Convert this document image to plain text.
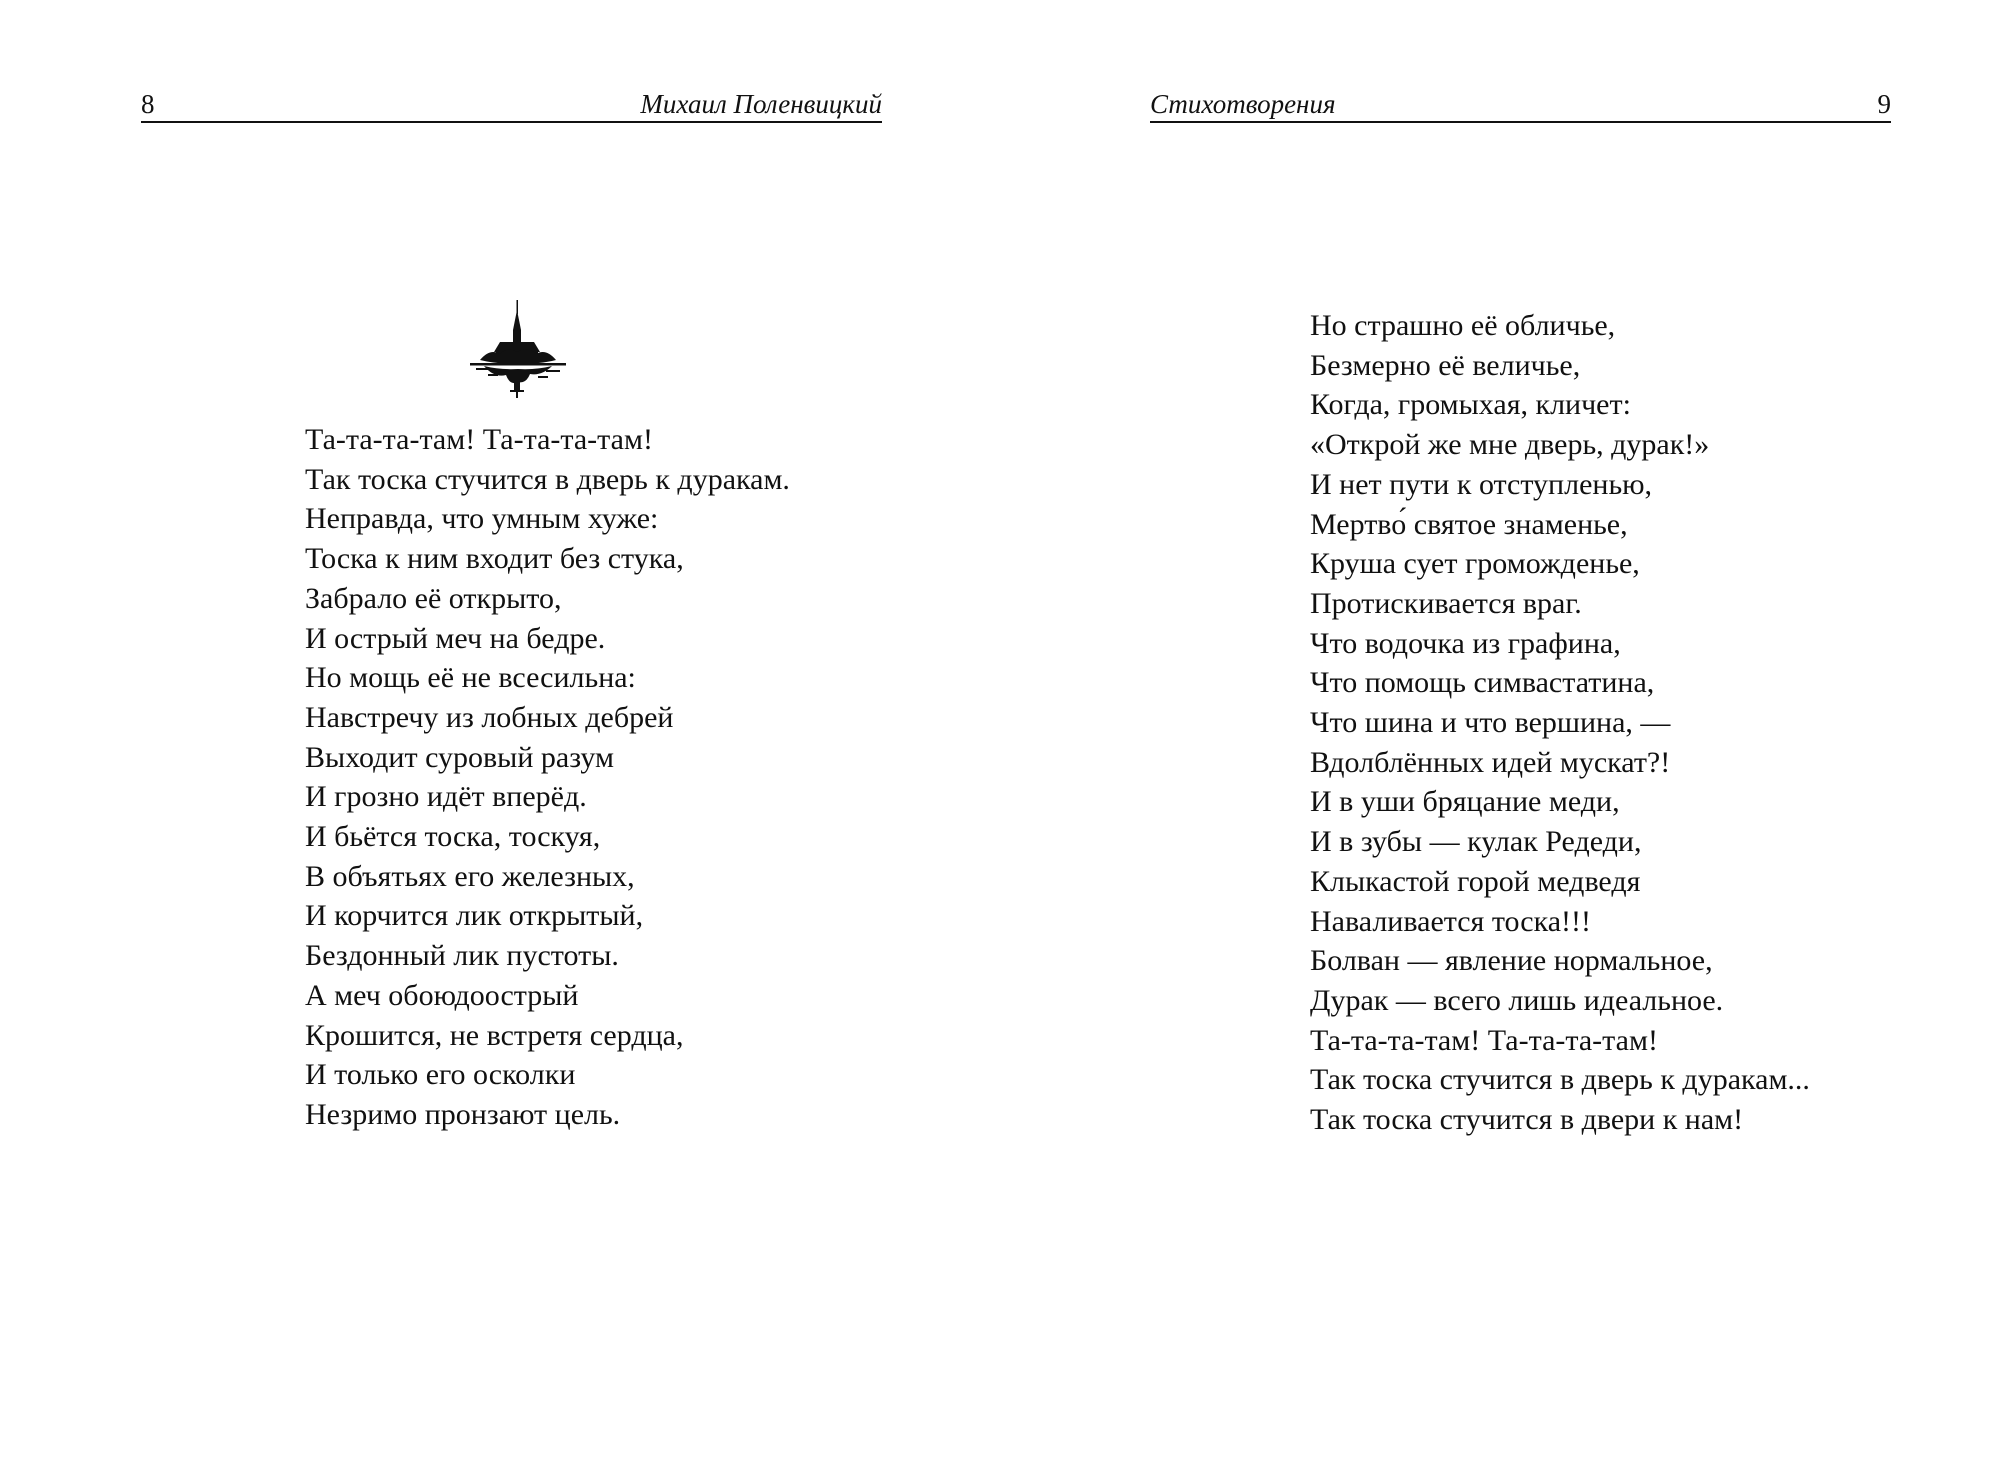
8	Михаил Поленвицкий
Та-та-та-там! Та-та-та-там!
Так тоска стучится в дверь к дуракам.
Неправда, что умным хуже:
Тоска к ним входит без стука,
Забрало её открыто,
И острый меч на бедре.
Но мощь её не всесильна:
Навстречу из лобных дебрей
Выходит суровый разум
И грозно идёт вперёд.
И бьётся тоска, тоскуя,
В объятьях его железных,
И корчится лик открытый,
Бездонный лик пустоты.
А меч обоюдоострый
Крошится, не встретя сердца,
И только его осколки
Незримо пронзают цель.
Стихотворения	9
Но страшно её обличье,
Безмерно её величье,
Когда, громыхая, кличет:
«Открой же мне дверь, дурак!»
И нет пути к отступленью,
Мертво́ святое знаменье,
Круша сует громожденье,
Протискивается враг.
Что водочка из графина,
Что помощь симвастатина,
Что шина и что вершина, —
Вдолблённых идей мускат?!
И в уши бряцание меди,
И в зубы — кулак Редеди,
Клыкастой горой медведя
Наваливается тоска!!!
Болван — явление нормальное,
Дурак — всего лишь идеальное.
Та-та-та-там! Та-та-та-там!
Так тоска стучится в дверь к дуракам...
Так тоска стучится в двери к нам!
